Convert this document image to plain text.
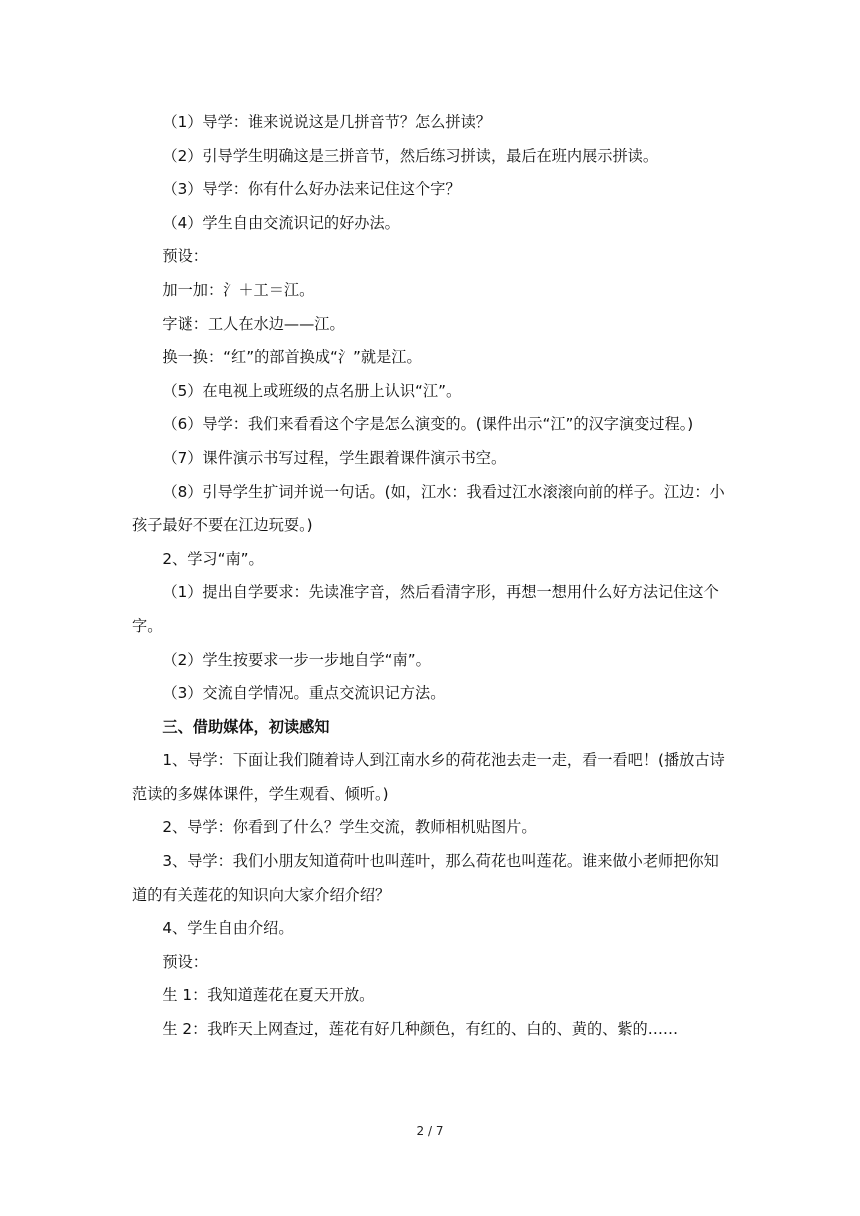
（1）导学：谁来说说这是几拼音节？怎么拼读？

（2）引导学生明确这是三拼音节，然后练习拼读，最后在班内展示拼读。

（3）导学：你有什么好办法来记住这个字？

（4）学生自由交流识记的好办法。

预设：

加一加：氵＋工＝江。

字谜：工人在水边——江。

换一换：“红”的部首换成“氵”就是江。

（5）在电视上或班级的点名册上认识“江”。

（6）导学：我们来看看这个字是怎么演变的。(课件出示“江”的汉字演变过程。)

（7）课件演示书写过程，学生跟着课件演示书空。

（8）引导学生扩词并说一句话。(如，江水：我看过江水滚滚向前的样子。江边：小孩子最好不要在江边玩耍。)

2、学习“南”。

（1）提出自学要求：先读准字音，然后看清字形，再想一想用什么好方法记住这个字。

（2）学生按要求一步一步地自学“南”。

（3）交流自学情况。重点交流识记方法。

三、借助媒体，初读感知

1、导学：下面让我们随着诗人到江南水乡的荷花池去走一走，看一看吧！(播放古诗范读的多媒体课件，学生观看、倾听。)

2、导学：你看到了什么？学生交流，教师相机贴图片。

3、导学：我们小朋友知道荷叶也叫莲叶，那么荷花也叫莲花。谁来做小老师把你知道的有关莲花的知识向大家介绍介绍？

4、学生自由介绍。

预设：

生 1：我知道莲花在夏天开放。

生 2：我昨天上网查过，莲花有好几种颜色，有红的、白的、黄的、紫的……

2 / 7
